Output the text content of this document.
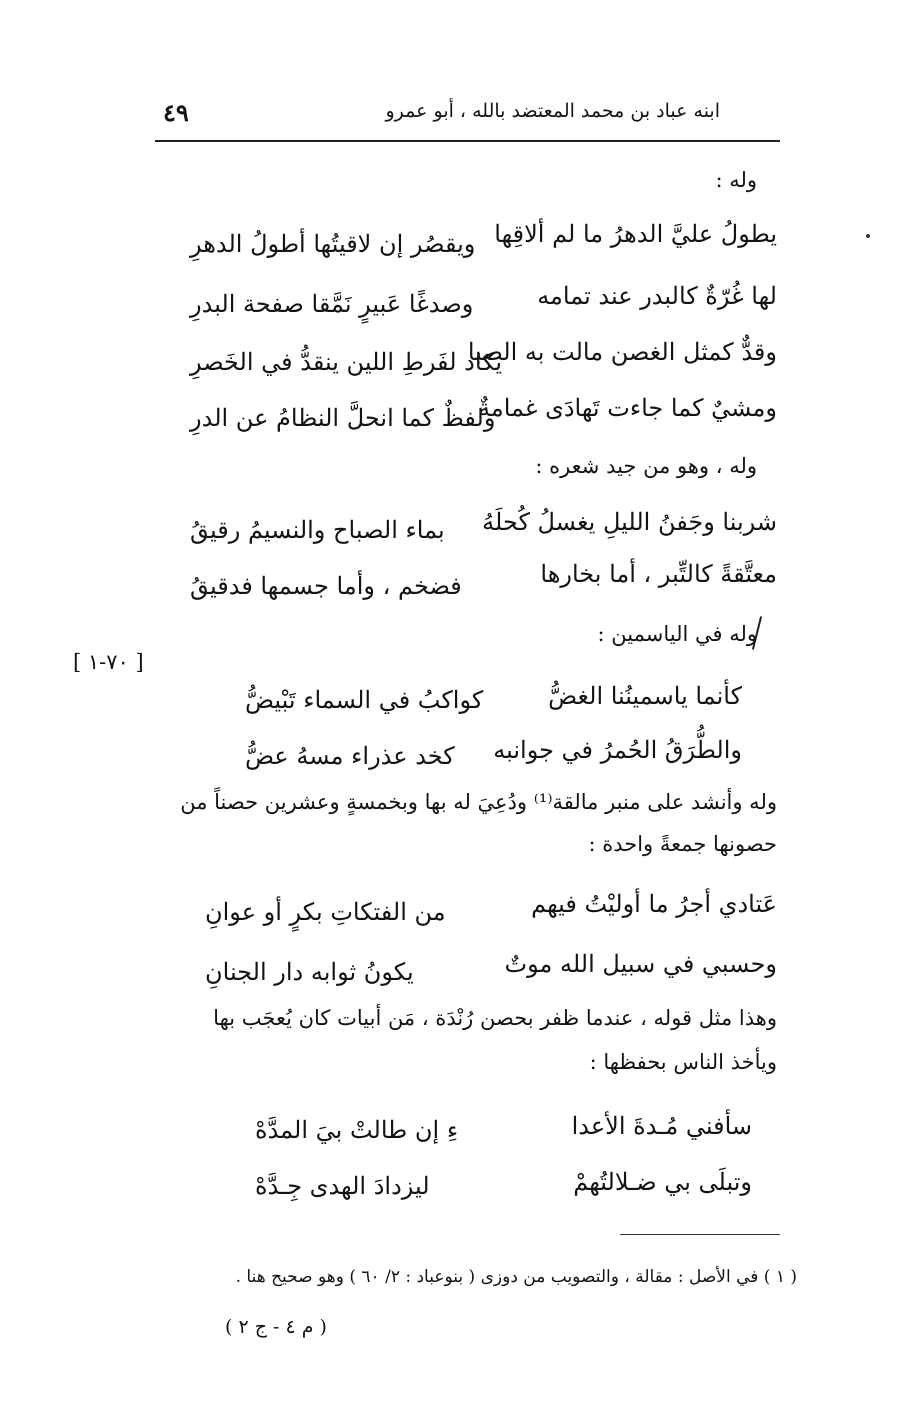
ابنه عباد بن محمد المعتضد بالله ، أبو عمرو
٤٩
وله :
يطولُ عليَّ الدهرُ ما لم ألاقِها
ويقصُر إن لاقيتُها أطولُ الدهرِ
لها غُرّةٌ كالبدر عند تمامه
وصدغًا عَبيرٍ نَمَّقا صفحة البدرِ
وقدٌّ كمثل الغصن مالت به الصبا
يكاد لفَرطِ اللين ينقدُّ في الخَصرِ
ومشيٌ كما جاءت تَهادَى غمامةٌ
ولفظٌ كما انحلَّ النظامُ عن الدرِ
وله ، وهو من جيد شعره :
شربنا وجَفنُ الليلِ يغسلُ كُحلَهُ
بماء الصباح والنسيمُ رقيقُ
معتَّقةً كالتِّبر ، أما بخارها
فضخم ، وأما جسمها فدقيقُ
وله في الياسمين :
[ ٧٠-١ ]
كأنما ياسمينُنا الغضُّ
كواكبُ في السماء تَبْيضُّ
والطُّرَقُ الحُمرُ في جوانبه
كخد عذراء مسهُ عضُّ
وله وأنشد على منبر مالقة⁽¹⁾ ودُعِيَ له بها وبخمسةٍ وعشرين حصناً من
حصونها جمعةً واحدة :
عَتادي أجرُ ما أوليْتُ فيهم
من الفتكاتِ بكرٍ أو عوانِ
وحسبي في سبيل الله موتٌ
يكونُ ثوابه دار الجنانِ
وهذا مثل قوله ، عندما ظفر بحصن رُنْدَة ، مَن أبيات كان يُعجَب بها
ويأخذ الناس بحفظها :
سأفني مُـدةَ الأعدا
ءِ إن طالتْ بيَ المدَّهْ
وتبلَى بي ضـلالتُهمْ
ليزدادَ الهدى جِـدَّهْ
( ١ ) في الأصل : مقالة ، والتصويب من دوزى ( بنوعباد : ٢/ ٦٠ ) وهو صحيح هنا .
( م ٤ - ج ٢ )
